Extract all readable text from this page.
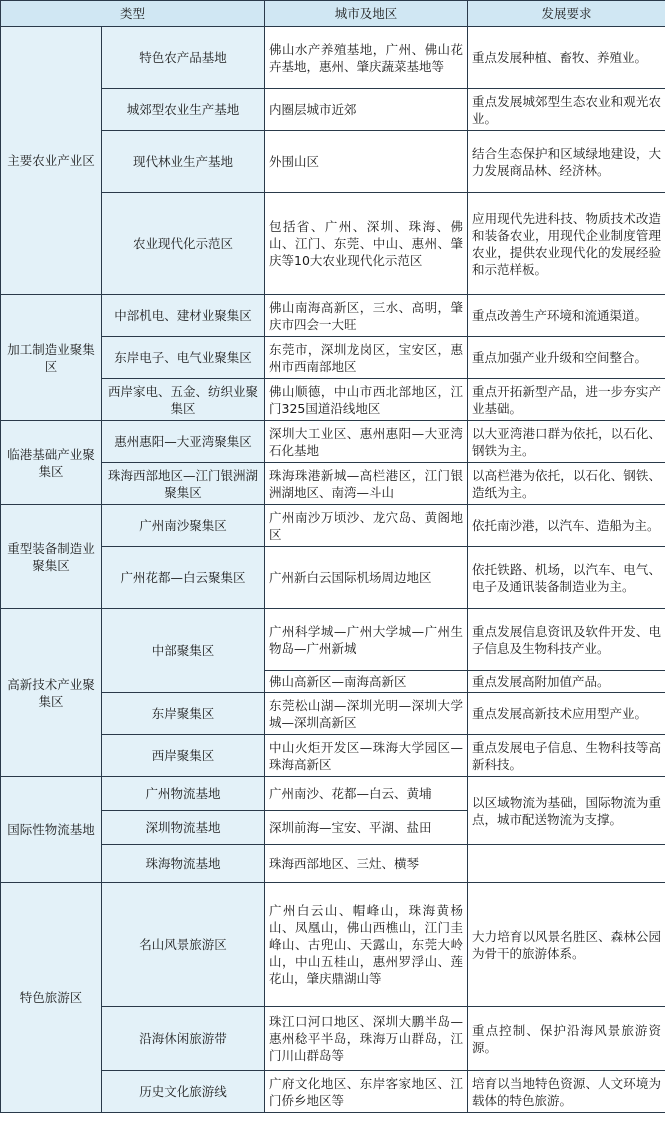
类型		城市及地区	发展要求
主要农业产业区	特色农产品基地	佛山水产养殖基地，广州、佛山花卉基地，惠州、肇庆蔬菜基地等	重点发展种植、畜牧、养殖业。
	城郊型农业生产基地	内圈层城市近郊	重点发展城郊型生态农业和观光农业。
	现代林业生产基地	外围山区	结合生态保护和区域绿地建设，大力发展商品林、经济林。
	农业现代化示范区	包括省、广州、深圳、珠海、佛山、江门、东莞、中山、惠州、肇庆等10大农业现代化示范区	应用现代先进科技、物质技术改造和装备农业，用现代企业制度管理农业，提供农业现代化的发展经验和示范样板。
加工制造业聚集区	中部机电、建材业聚集区	佛山南海高新区，三水、高明，肇庆市四会一大旺	重点改善生产环境和流通渠道。
	东岸电子、电气业聚集区	东莞市，深圳龙岗区，宝安区，惠州市西南部地区	重点加强产业升级和空间整合。
	西岸家电、五金、纺织业聚集区	佛山顺德，中山市西北部地区，江门325国道沿线地区	重点开拓新型产品，进一步夯实产业基础。
临港基础产业聚集区	惠州惠阳—大亚湾聚集区	深圳大工业区、惠州惠阳—大亚湾石化基地	以大亚湾港口群为依托，以石化、钢铁为主。
	珠海西部地区—江门银洲湖聚集区	珠海珠港新城—高栏港区，江门银洲湖地区、南湾—斗山	以高栏港为依托，以石化、钢铁、造纸为主。
重型装备制造业聚集区	广州南沙聚集区	广州南沙万顷沙、龙穴岛、黄阁地区	依托南沙港，以汽车、造船为主。
	广州花都—白云聚集区	广州新白云国际机场周边地区	依托铁路、机场，以汽车、电气、电子及通讯装备制造业为主。
高新技术产业聚集区	中部聚集区	广州科学城—广州大学城—广州生物岛—广州新城	重点发展信息资讯及软件开发、电子信息及生物科技产业。
		佛山高新区—南海高新区	重点发展高附加值产品。
	东岸聚集区	东莞松山湖—深圳光明—深圳大学城—深圳高新区	重点发展高新技术应用型产业。
	西岸聚集区	中山火炬开发区—珠海大学园区—珠海高新区	重点发展电子信息、生物科技等高新科技。
国际性物流基地	广州物流基地	广州南沙、花都—白云、黄埔	以区域物流为基础，国际物流为重点，城市配送物流为支撑。
	深圳物流基地	深圳前海—宝安、平湖、盐田	
	珠海物流基地	珠海西部地区、三灶、横琴	
特色旅游区	名山风景旅游区	广州白云山、帽峰山，珠海黄杨山、凤凰山，佛山西樵山，江门圭峰山、古兜山、天露山，东莞大岭山，中山五桂山，惠州罗浮山、莲花山，肇庆鼎湖山等	大力培育以风景名胜区、森林公园为骨干的旅游体系。
	沿海休闲旅游带	珠江口河口地区、深圳大鹏半岛—惠州稔平半岛，珠海万山群岛，江门川山群岛等	重点控制、保护沿海风景旅游资源。
	历史文化旅游线	广府文化地区、东岸客家地区、江门侨乡地区等	培育以当地特色资源、人文环境为载体的特色旅游。
